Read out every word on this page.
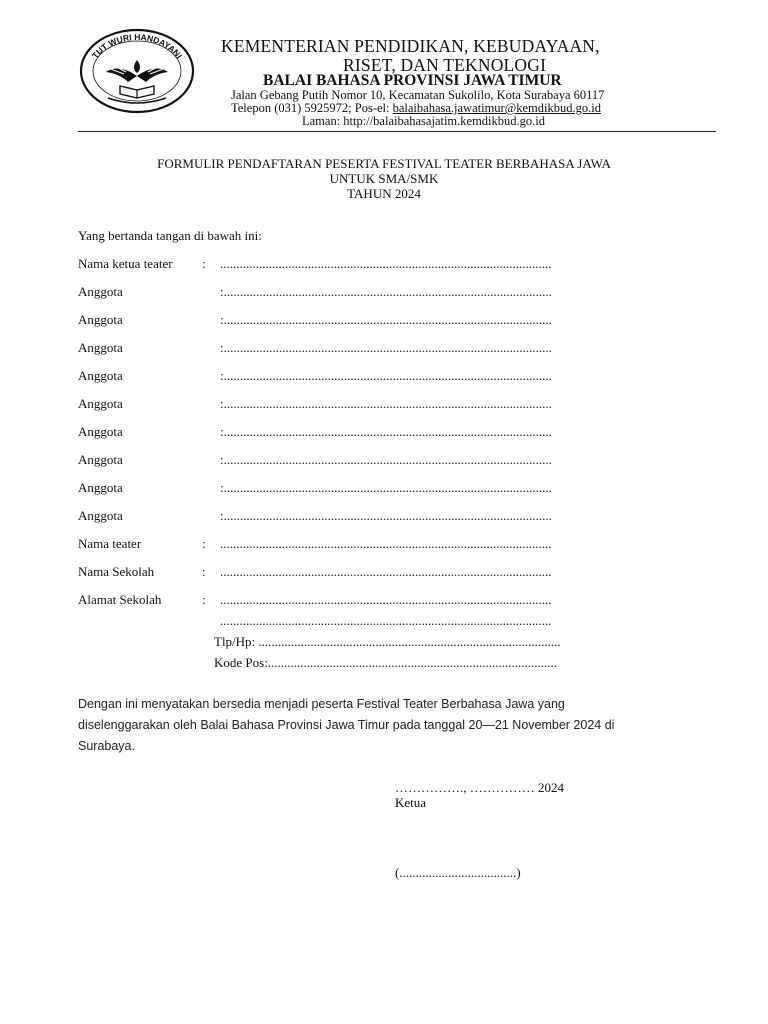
TUT WURI HANDAYANI
KEMENTERIAN PENDIDIKAN, KEBUDAYAAN,
RISET, DAN TEKNOLOGI
BALAI BAHASA PROVINSI JAWA TIMUR
Jalan Gebang Putih Nomor 10, Kecamatan Sukolilo, Kota Surabaya 60117
Telepon (031) 5925972; Pos-el: balaibahasa.jawatimur@kemdikbud.go.id
Laman: http://balaibahasajatim.kemdikbud.go.id
FORMULIR PENDAFTARAN PESERTA FESTIVAL TEATER BERBAHASA JAWA
UNTUK SMA/SMK
TAHUN 2024
Yang bertanda tangan di bawah ini:
Nama ketua teater : ......................................................................................................
Anggota	:.....................................................................................................
Anggota	:.....................................................................................................
Anggota	:.....................................................................................................
Anggota	:.....................................................................................................
Anggota	:.....................................................................................................
Anggota	:.....................................................................................................
Anggota	:.....................................................................................................
Anggota	:.....................................................................................................
Anggota	:.....................................................................................................
Nama teater	: ......................................................................................................
Nama Sekolah	: ......................................................................................................
Alamat Sekolah	: ......................................................................................................
......................................................................................................
Tlp/Hp: .............................................................................................
Kode Pos:.........................................................................................
Dengan ini menyatakan bersedia menjadi peserta Festival Teater Berbahasa Jawa yang
diselenggarakan oleh Balai Bahasa Provinsi Jawa Timur pada tanggal 20—21 November 2024 di
Surabaya.
……………., …………… 2024
Ketua
(....................................)
